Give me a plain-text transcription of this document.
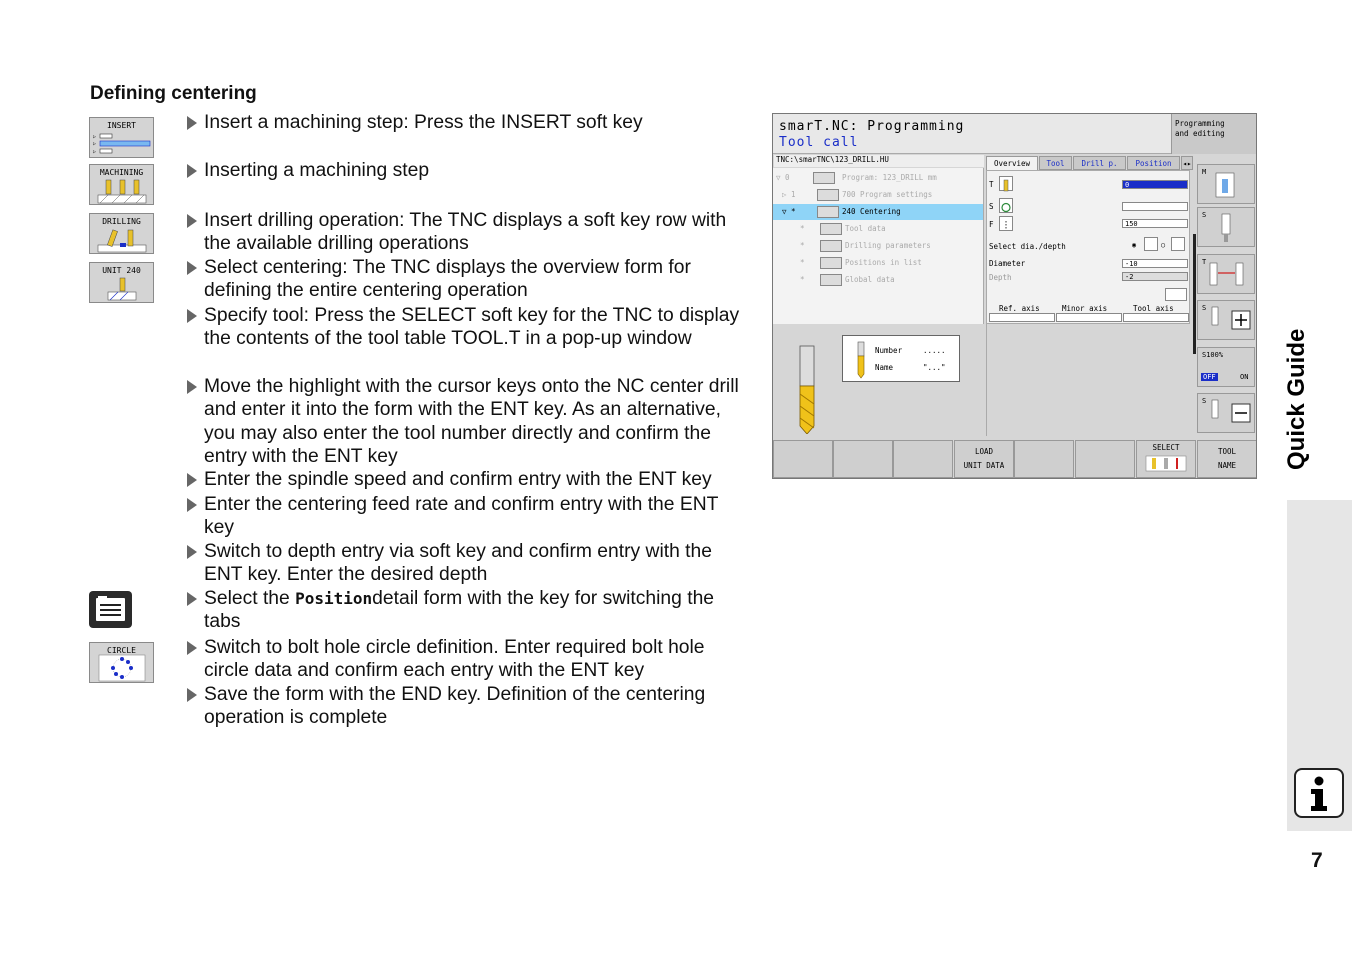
Defining centering
INSERT
▷
▷
▷
MACHINING
DRILLING
UNIT 240
CIRCLE
Insert a machining step: Press the INSERT soft key
Inserting a machining step
Insert drilling operation: The TNC displays a soft key row with the available drilling operations
Select centering: The TNC displays the overview form for defining the entire centering operation
Specify tool: Press the SELECT soft key for the TNC to display the contents of the tool table TOOL.T in a pop-up window
Move the highlight with the cursor keys onto the NC center drill and enter it into the form with the ENT key. As an alternative, you may also enter the tool number directly and confirm the entry with the ENT key
Enter the spindle speed and confirm entry with the ENT key
Enter the centering feed rate and confirm entry with the ENT key
Switch to depth entry via soft key and confirm entry with the ENT key. Enter the desired depth
Select the Positiondetail form with the key for switching the tabs
Switch to bolt hole circle definition. Enter required bolt hole circle data and confirm each entry with the ENT key
Save the form with the END key. Definition of the centering operation is complete
smarT.NC: Programming
Tool call
Programming
and editing
TNC:\smarTNC\123_DRILL.HU
▽ 0	Program: 123_DRILL mm
▷ 1	700 Program settings
▽ *	240 Centering
*	Tool data
*	Drilling parameters
*	Positions in list
*	Global data
Number	.....
Name	"..."
Overview	Tool	Drill p.	Position	◂▸
T	0
S
F	150
Select dia./depth	◉	○
Diameter	-10
Depth	-2
Ref. axis	Minor axis	Tool axis
M
S
T
S
S100%
OFF	ON
S
LOAD
UNIT DATA
SELECT	TOOL
NAME	Quick Guide
7
